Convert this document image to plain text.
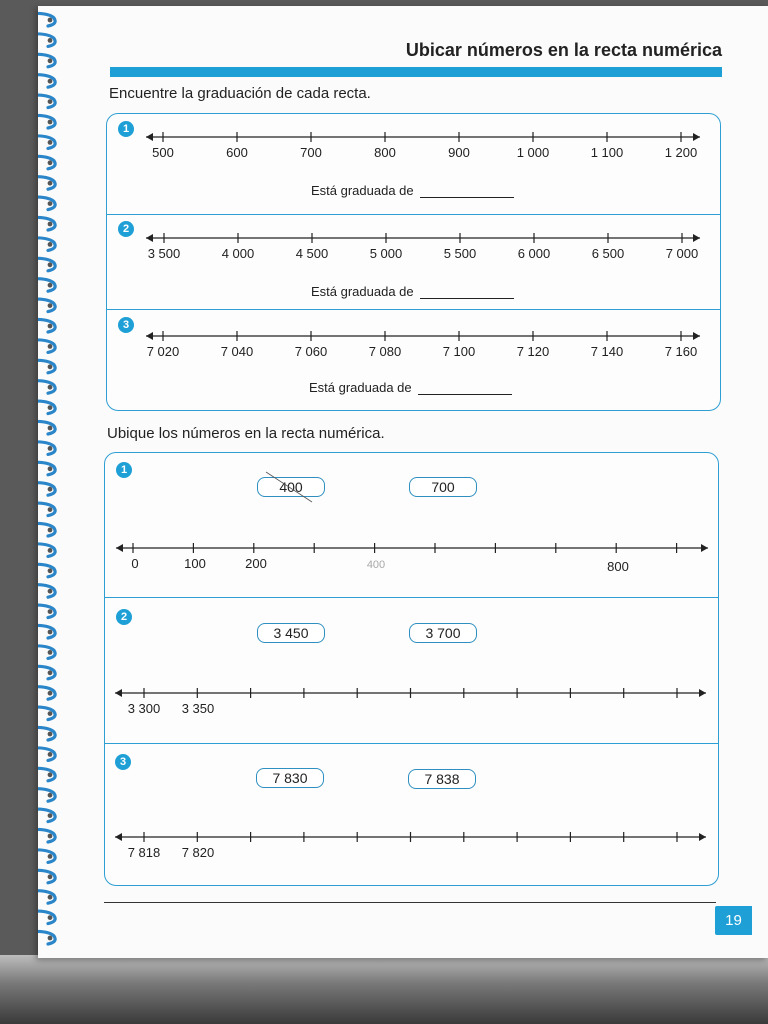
Ubicar números en la recta numérica

Encuentre la graduación de cada recta.

1
500	600	700	800	900	1 000	1 100	1 200
Está graduada de
2
3 500	4 000	4 500	5 000	5 500	6 000	6 500	7 000
Está graduada de
3
7 020	7 040	7 060	7 080	7 100	7 120	7 140	7 160
Está graduada de

Ubique los números en la recta numérica.

1
400	700
0	100	200	400	800
2
3 450	3 700
3 300 3 350
3
7 830	7 838
7 818 7 820
19
